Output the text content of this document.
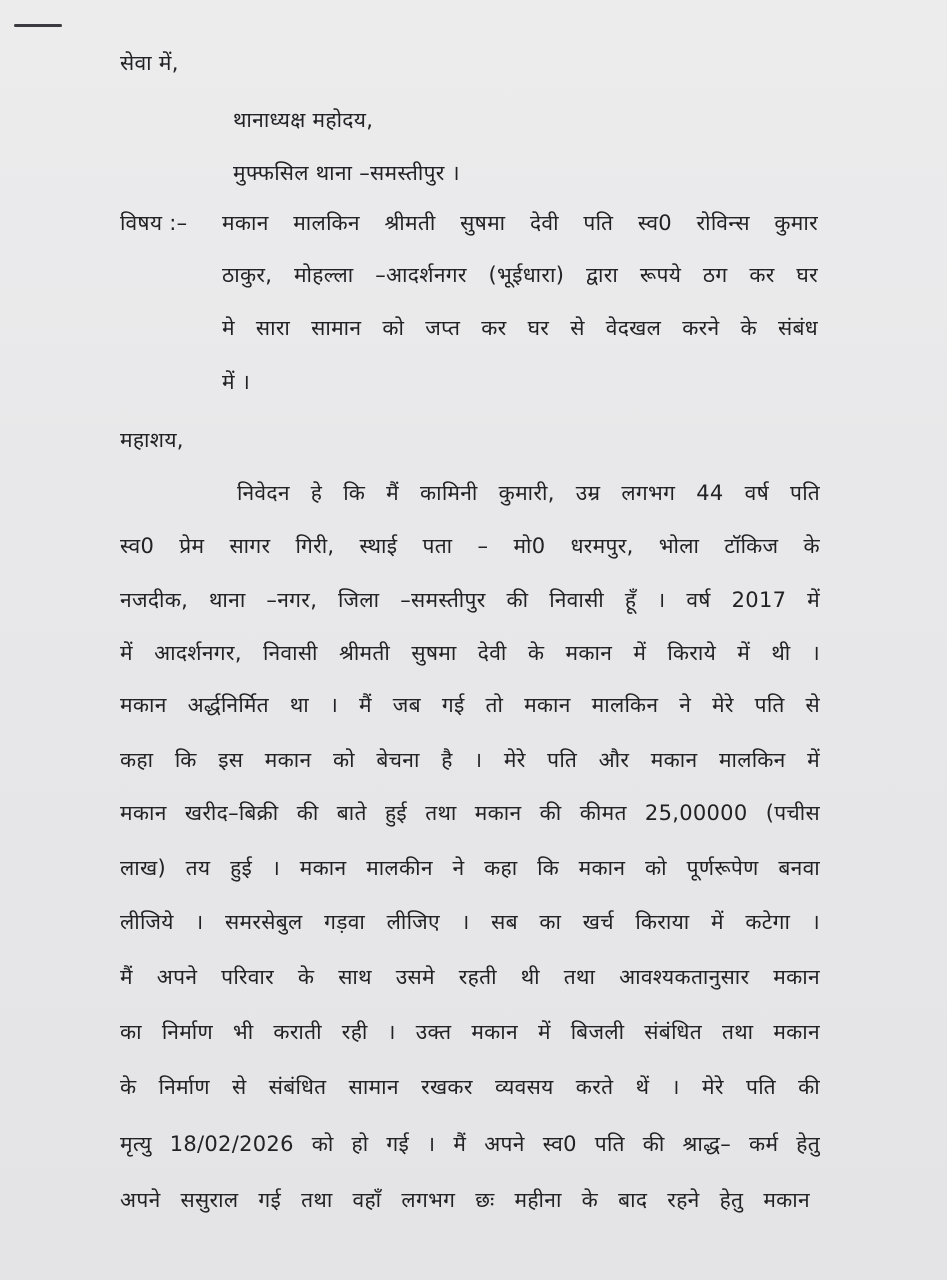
सेवा में,
थानाध्यक्ष महोदय,
मुफ्फसिल थाना –समस्तीपुर ।
विषय :–	मकान मालकिन श्रीमती सुषमा देवी पति स्व0 रोविन्स कुमार
ठाकुर, मोहल्ला –आदर्शनगर (भूईधारा) द्वारा रूपये ठग कर घर
मे सारा सामान को जप्त कर घर से वेदखल करने के संबंध
में ।
महाशय,
निवेदन हे कि मैं कामिनी कुमारी, उम्र लगभग 44 वर्ष पति
स्व0 प्रेम सागर गिरी, स्थाई पता – मो0 धरमपुर, भोला टॉकिज के
नजदीक, थाना –नगर, जिला –समस्तीपुर की निवासी हूँ । वर्ष 2017 में
में आदर्शनगर, निवासी श्रीमती सुषमा देवी के मकान में किराये में थी ।
मकान अर्द्धनिर्मित था । मैं जब गई तो मकान मालकिन ने मेरे पति से
कहा कि इस मकान को बेचना है । मेरे पति और मकान मालकिन में
मकान खरीद–बिक्री की बाते हुई तथा मकान की कीमत 25,00000 (पचीस
लाख) तय हुई । मकान मालकीन ने कहा कि मकान को पूर्णरूपेण बनवा
लीजिये । समरसेबुल गड़वा लीजिए । सब का खर्च किराया में कटेगा ।
मैं अपने परिवार के साथ उसमे रहती थी तथा आवश्यकतानुसार मकान
का निर्माण भी कराती रही । उक्त मकान में बिजली संबंधित तथा मकान
के निर्माण से संबंधित सामान रखकर व्यवसय करते थें । मेरे पति की
मृत्यु 18/02/2026 को हो गई । मैं अपने स्व0 पति की श्राद्ध– कर्म हेतु
अपने ससुराल गई तथा वहाँ लगभग छः महीना के बाद रहने हेतु मकान
